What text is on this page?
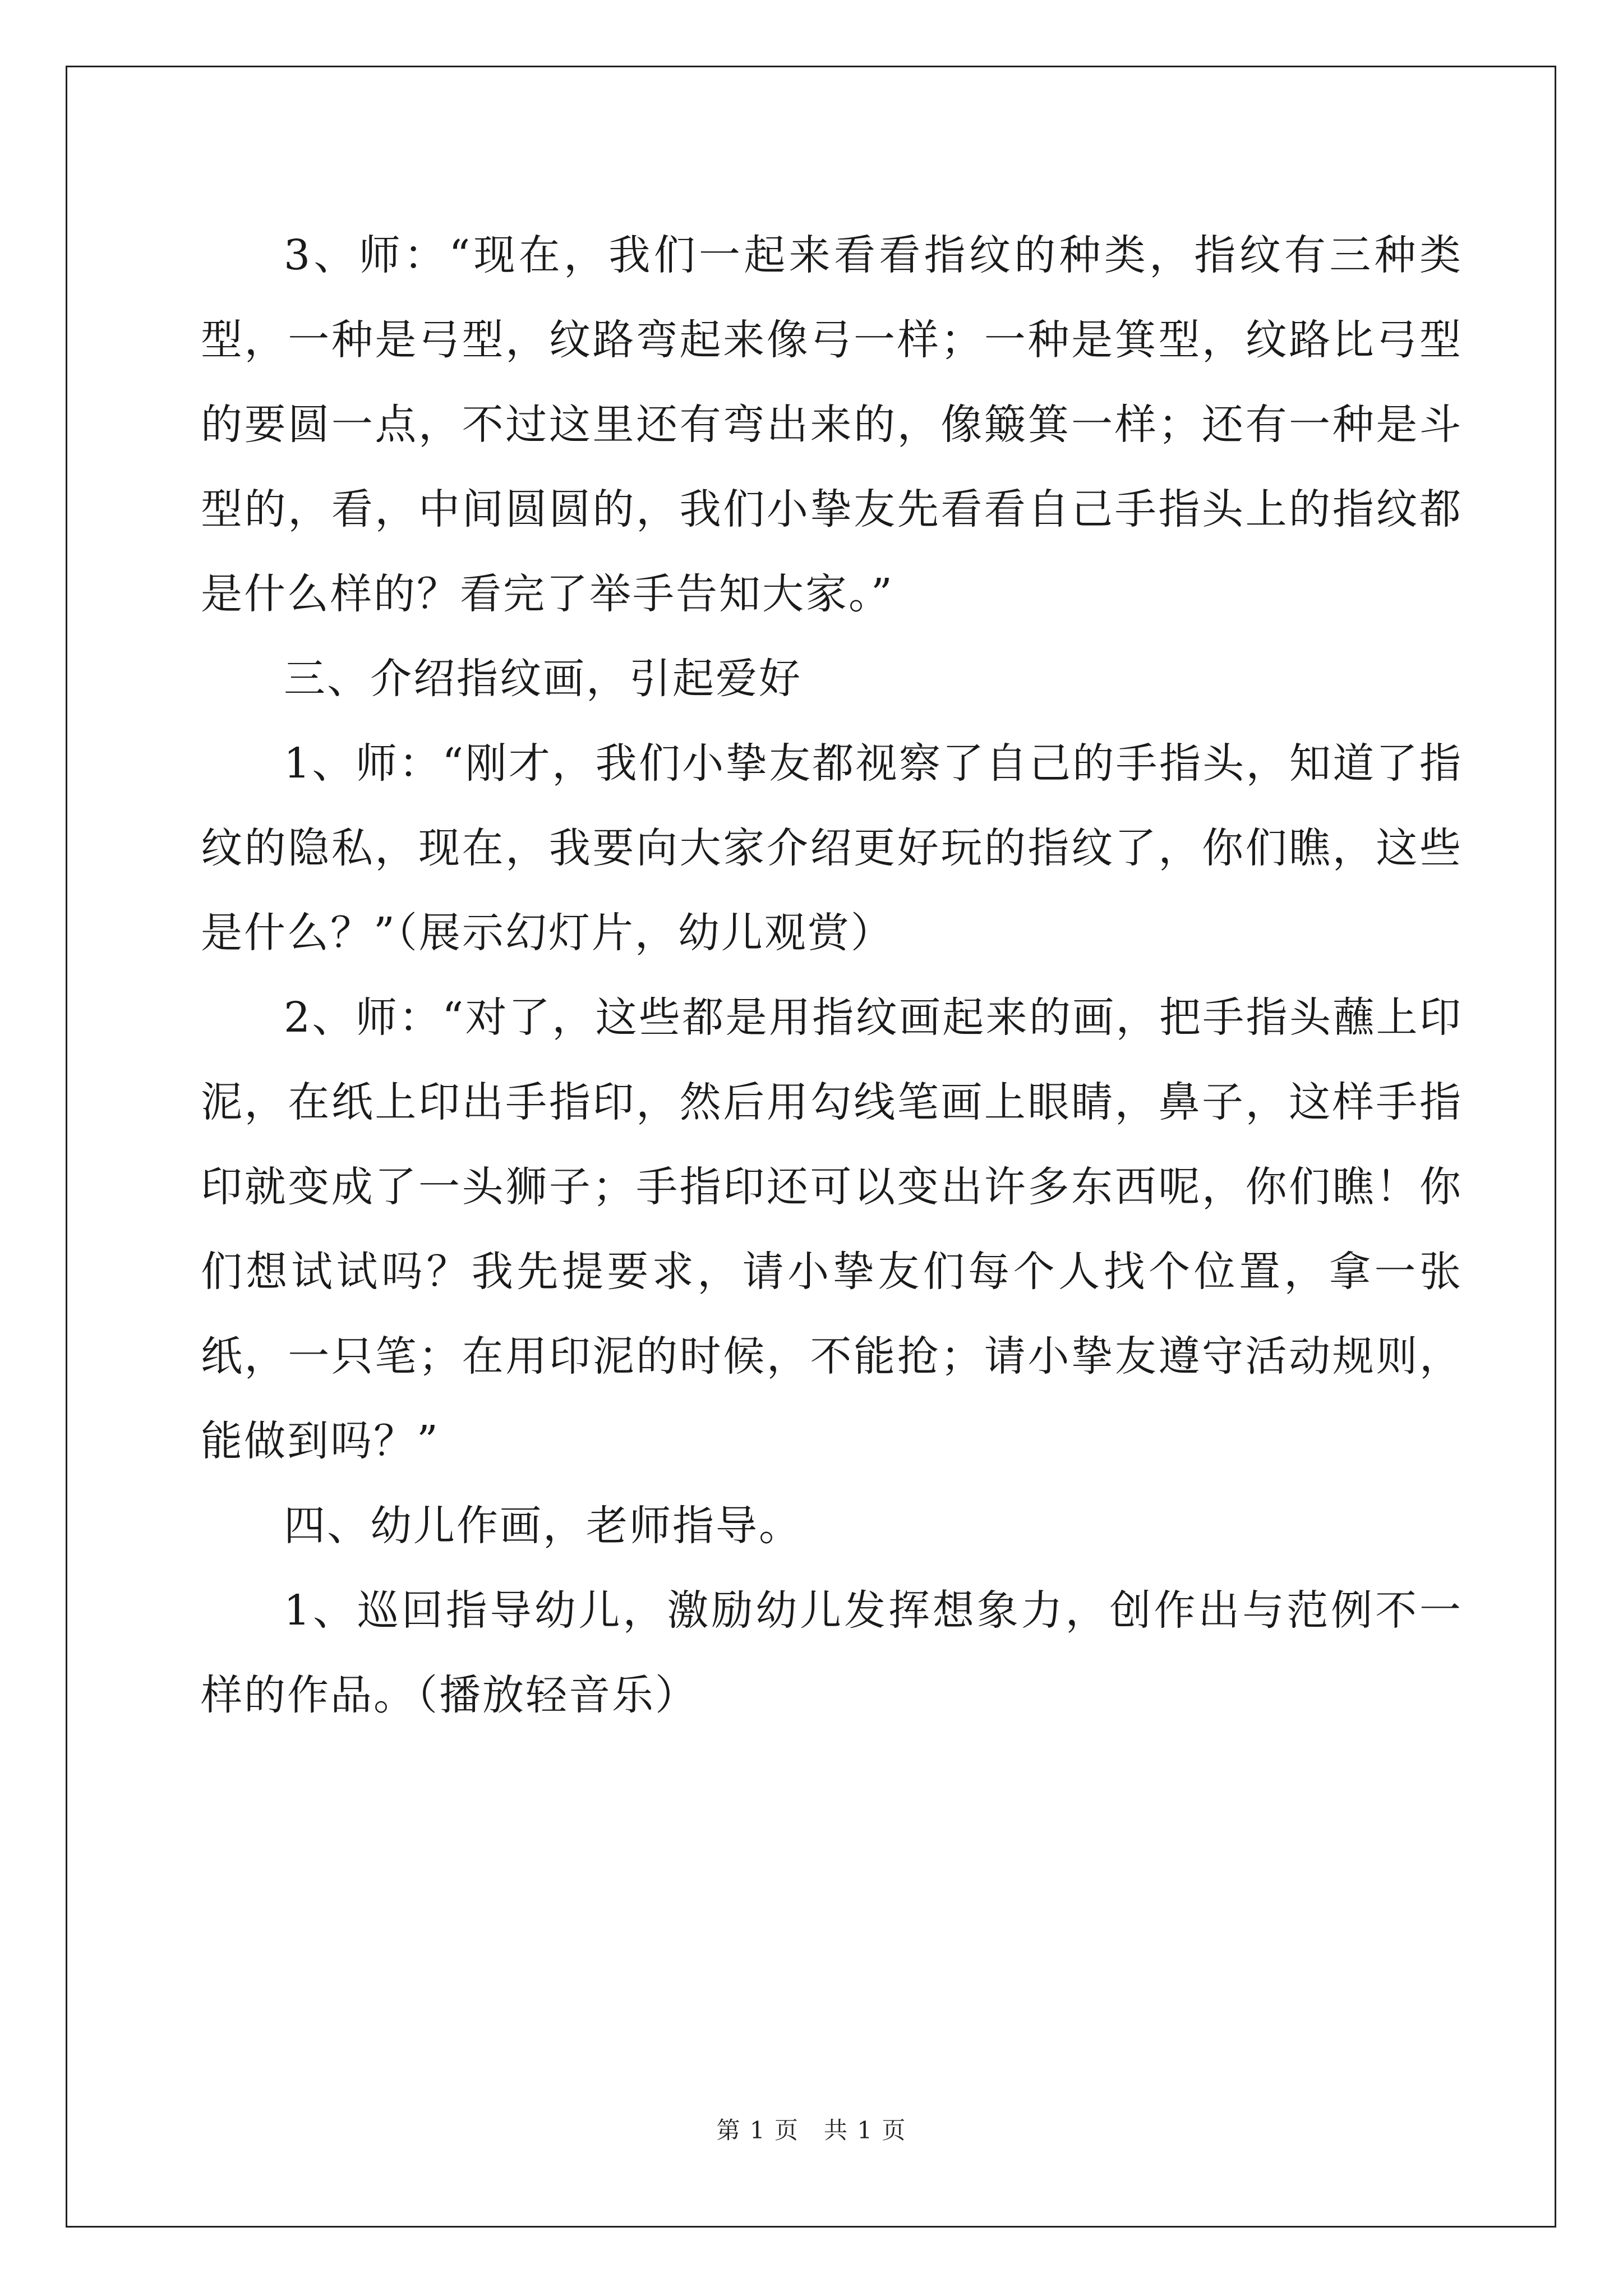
3、师：“现在，我们一起来看看指纹的种类，指纹有三种类型，一种是弓型，纹路弯起来像弓一样；一种是箕型，纹路比弓型的要圆一点，不过这里还有弯出来的，像簸箕一样；还有一种是斗型的，看，中间圆圆的，我们小挚友先看看自己手指头上的指纹都是什么样的？看完了举手告知大家。”

三、介绍指纹画，引起爱好

1、师：“刚才，我们小挚友都视察了自己的手指头，知道了指纹的隐私，现在，我要向大家介绍更好玩的指纹了，你们瞧，这些是什么？”（展示幻灯片，幼儿观赏）

2、师：“对了，这些都是用指纹画起来的画，把手指头蘸上印泥，在纸上印出手指印，然后用勾线笔画上眼睛，鼻子，这样手指印就变成了一头狮子；手指印还可以变出许多东西呢，你们瞧！你们想试试吗？我先提要求，请小挚友们每个人找个位置，拿一张纸，一只笔；在用印泥的时候，不能抢；请小挚友遵守活动规则，能做到吗？”

四、幼儿作画，老师指导。

1、巡回指导幼儿，激励幼儿发挥想象力，创作出与范例不一样的作品。（播放轻音乐）

第 1 页　共 1 页
